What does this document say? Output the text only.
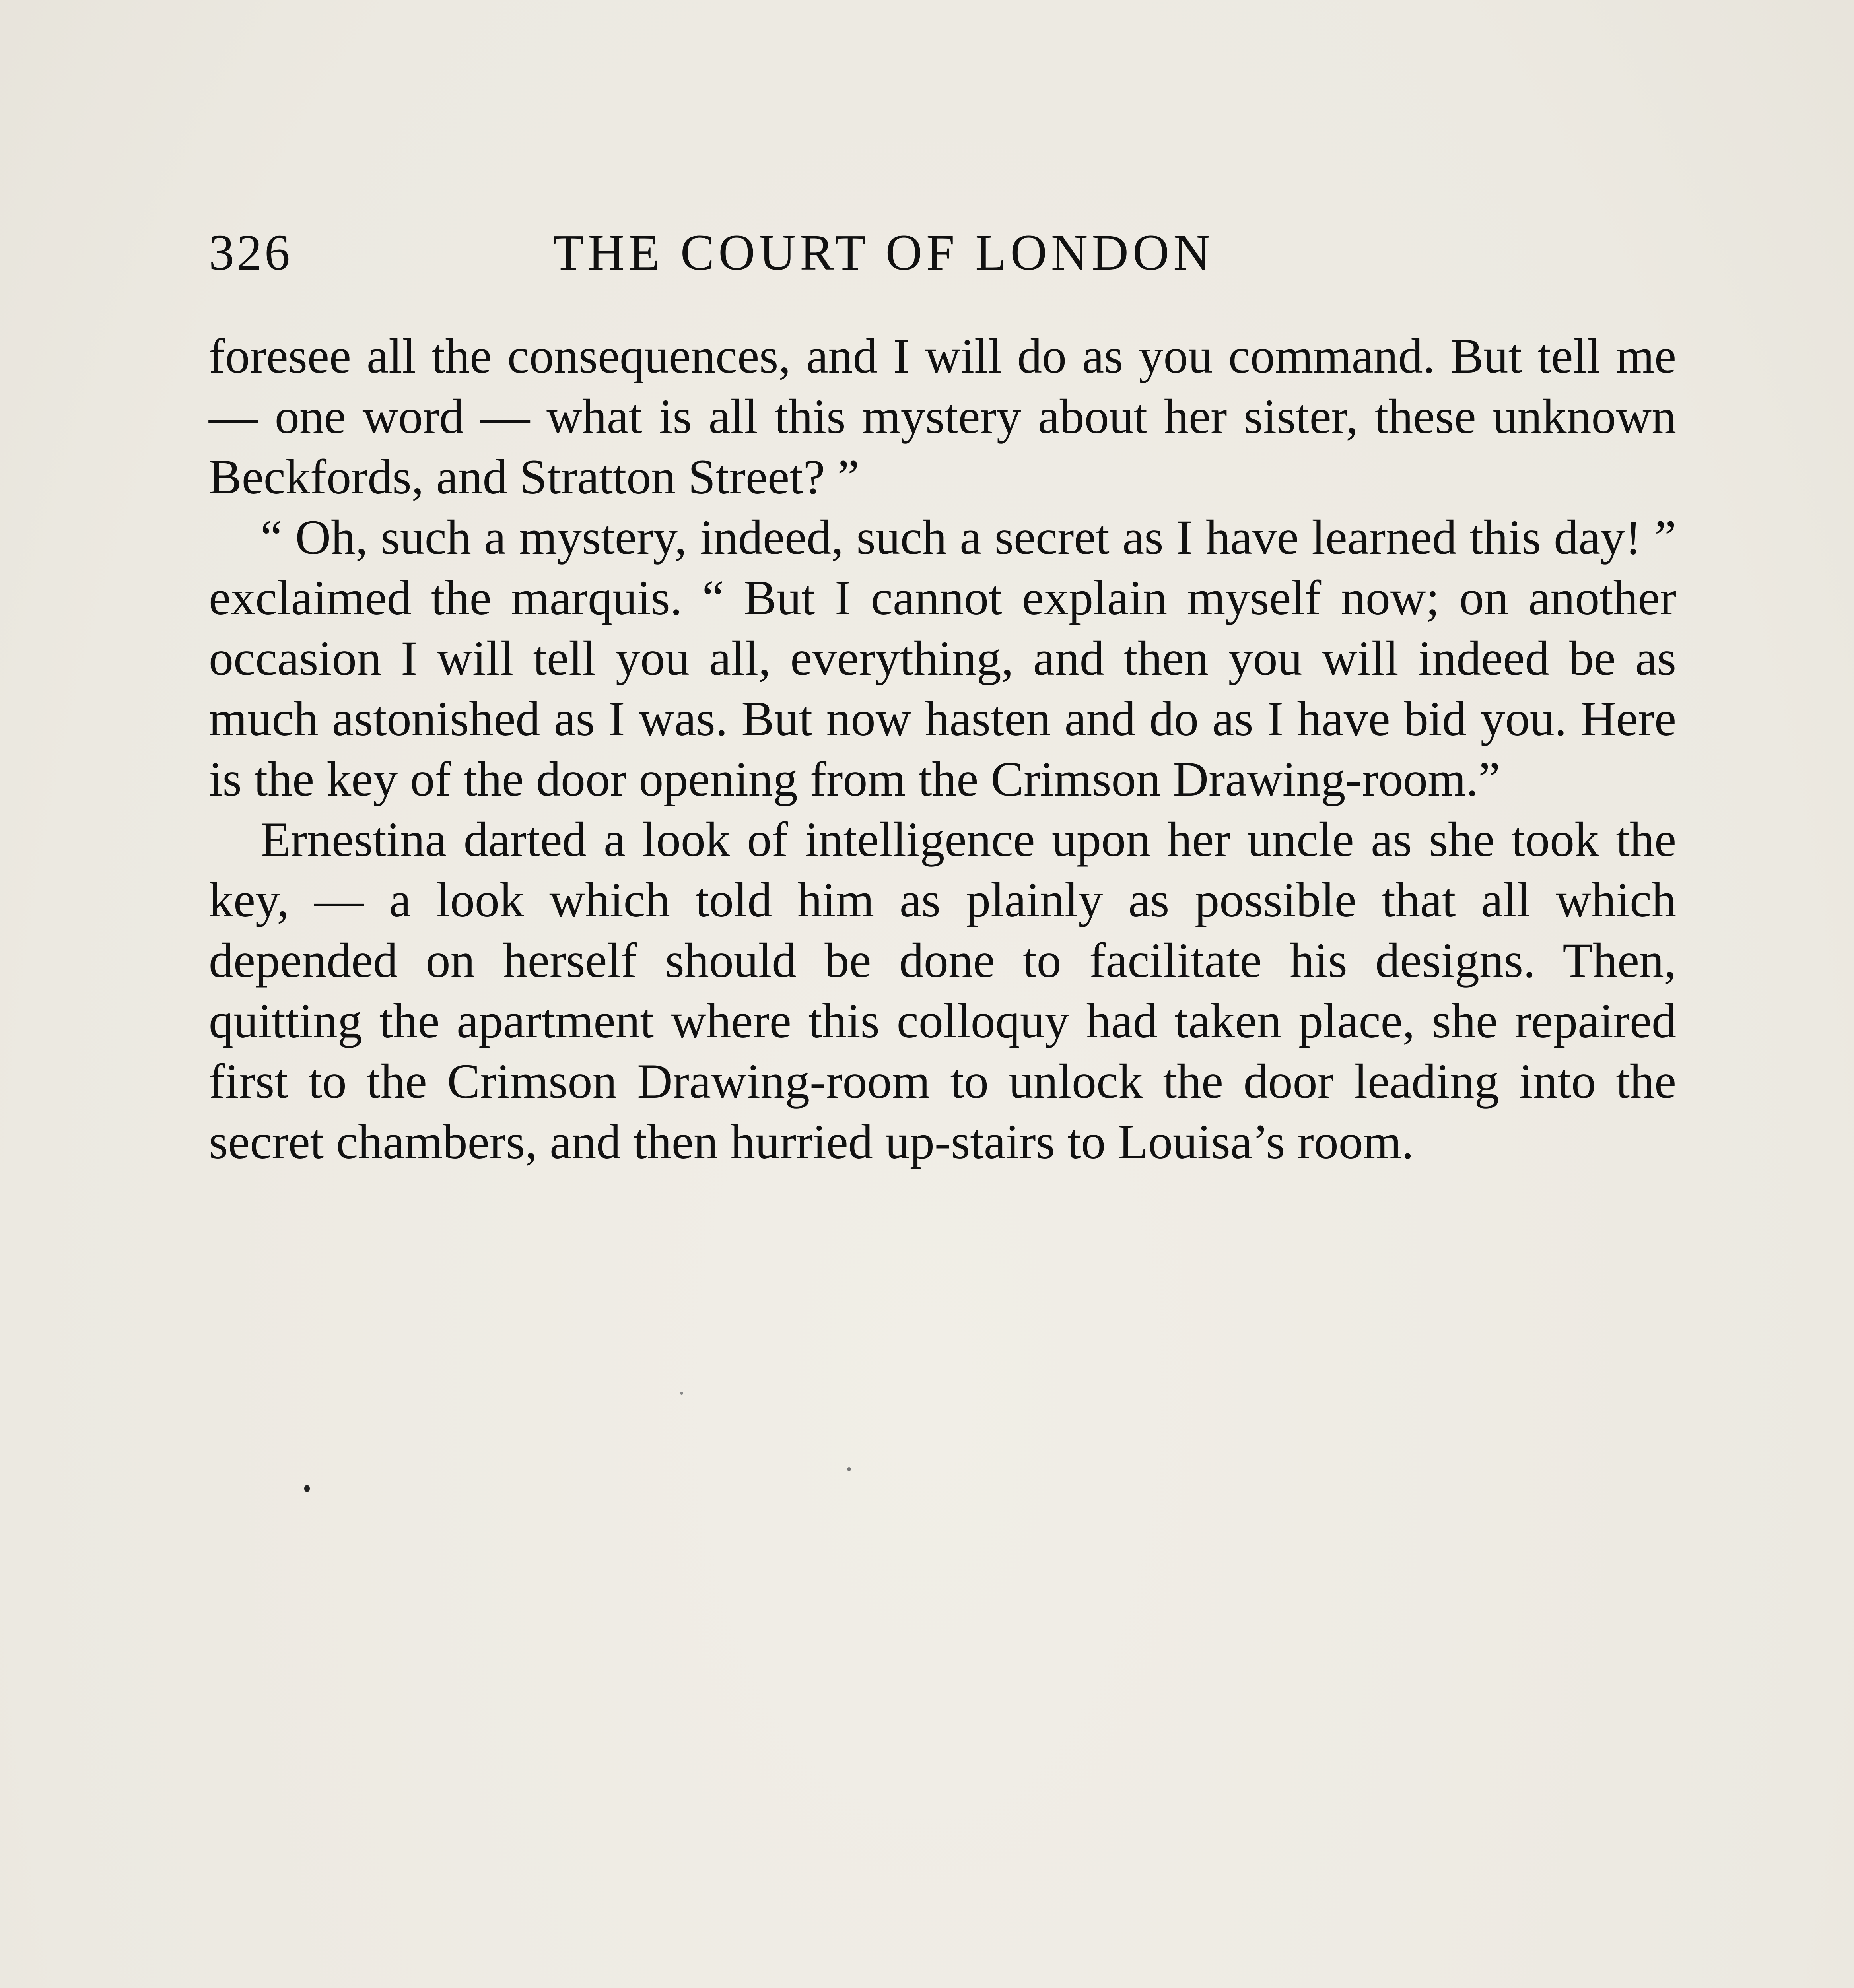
326	THE COURT OF LONDON

foresee all the consequences, and I will do as you command. But tell me — one word — what is all this mystery about her sister, these unknown Beckfords, and Stratton Street? ”

“ Oh, such a mystery, indeed, such a secret as I have learned this day! ” exclaimed the marquis. “ But I cannot explain myself now; on another occasion I will tell you all, everything, and then you will indeed be as much astonished as I was. But now hasten and do as I have bid you. Here is the key of the door opening from the Crimson Drawing-room.”

Ernestina darted a look of intelligence upon her uncle as she took the key, — a look which told him as plainly as possible that all which depended on herself should be done to facilitate his designs. Then, quitting the apartment where this colloquy had taken place, she repaired first to the Crimson Drawing-room to unlock the door leading into the secret chambers, and then hurried up-stairs to Louisa’s room.
